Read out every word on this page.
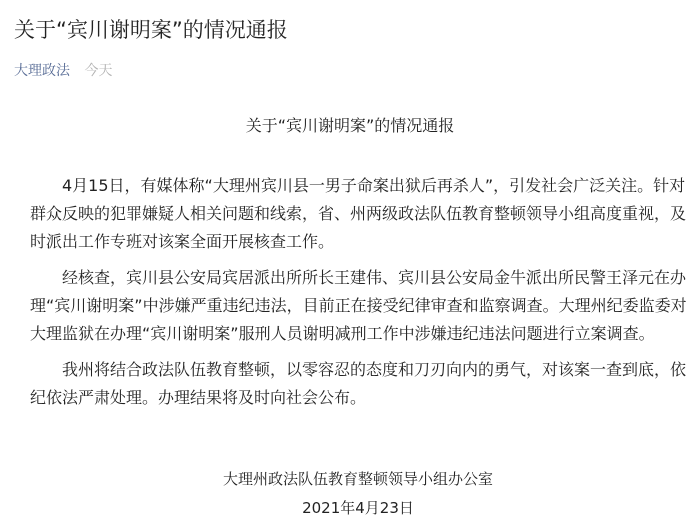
关于“宾川谢明案”的情况通报
大理政法 今天
关于“宾川谢明案”的情况通报

4月15日，有媒体称“大理州宾川县一男子命案出狱后再杀人”，引发社会广泛关注。针对群众反映的犯罪嫌疑人相关问题和线索，省、州两级政法队伍教育整顿领导小组高度重视，及时派出工作专班对该案全面开展核查工作。

经核查，宾川县公安局宾居派出所所长王建伟、宾川县公安局金牛派出所民警王泽元在办理“宾川谢明案”中涉嫌严重违纪违法，目前正在接受纪律审查和监察调查。大理州纪委监委对大理监狱在办理“宾川谢明案”服刑人员谢明减刑工作中涉嫌违纪违法问题进行立案调查。

我州将结合政法队伍教育整顿，以零容忍的态度和刀刃向内的勇气，对该案一查到底，依纪依法严肃处理。办理结果将及时向社会公布。

大理州政法队伍教育整顿领导小组办公室
2021年4月23日
